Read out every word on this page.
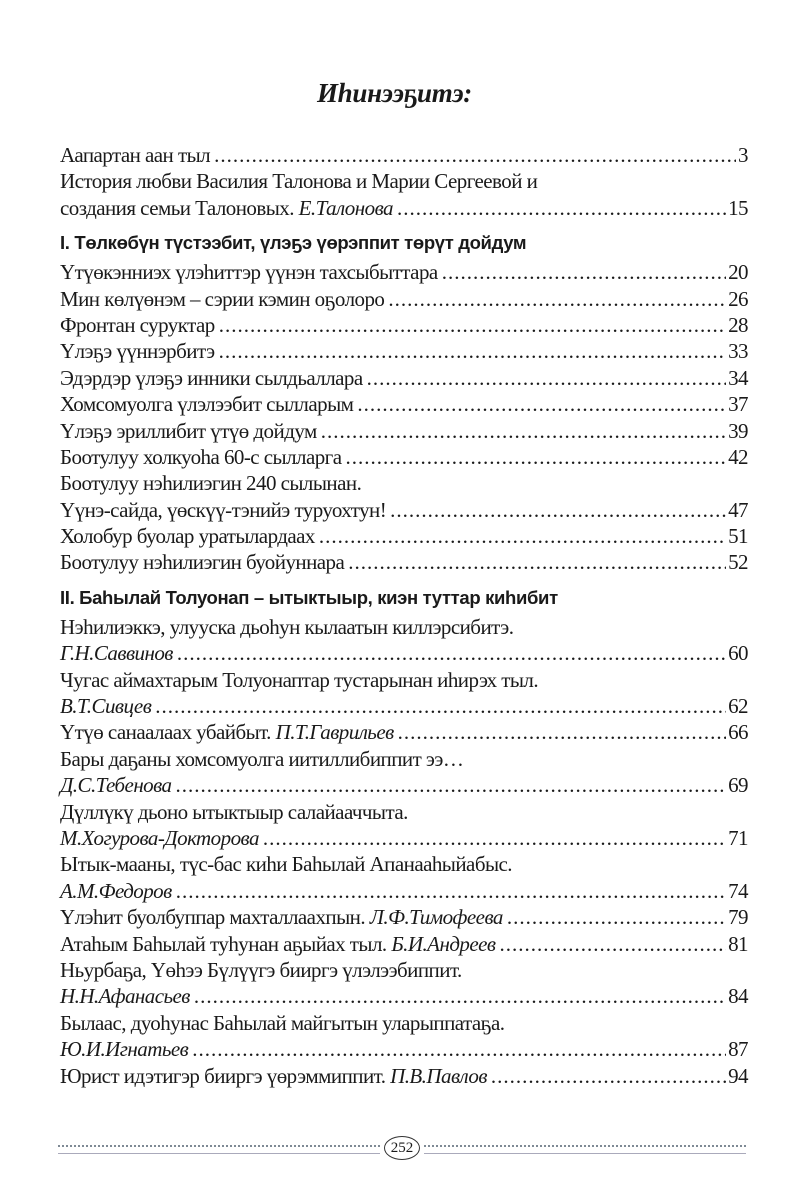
Иһинээҕитэ:
Аапартан аан тыл .....	3
История любви Василия Талонова и Марии Сергеевой и
создания семьи Талоновых. Е.Талонова .....	15
I. Төлкөбүн түстээбит, үлэҕэ үөрэппит төрүт дойдум
Үтүөкэнниэх үлэһиттэр үүнэн тахсыбыттара .....	20
Мин көлүөнэм – сэрии кэмин оҕолоро .....	26
Фронтан суруктар .....	28
Үлэҕэ үүннэрбитэ .....	33
Эдэрдэр үлэҕэ инники сылдьаллара .....	34
Хомсомуолга үлэлээбит сылларым .....	37
Үлэҕэ эриллибит үтүө дойдум .....	39
Боотулуу холкуоһа 60-с сылларга .....	42
Боотулуу нэһилиэгин 240 сылынан.
Үүнэ-сайда, үөскүү-тэнийэ туруохтун! .....	47
Холобур буолар уратылардаах .....	51
Боотулуу нэһилиэгин буойуннара .....	52
II. Баһылай Толуонап – ытыктыыр, киэн туттар киһибит
Нэһилиэккэ, улууска дьоһун кылаатын киллэрсибитэ.
Г.Н.Саввинов .....	60
Чугас аймахтарым Толуонаптар тустарынан иһирэх тыл.
В.Т.Сивцев .....	62
Үтүө санаалаах убайбыт. П.Т.Гаврильев .....	66
Бары даҕаны хомсомуолга иитиллибиппит ээ…
Д.С.Тебенова .....	69
Дүллүкү дьоно ытыктыыр салайааччыта.
М.Хогурова-Докторова .....	71
Ытык-мааны, түс-бас киһи Баһылай Апанааһыйабыс.
А.М.Федоров .....	74
Үлэһит буолбуппар махталлаахпын. Л.Ф.Тимофеева .....	79
Атаһым Баһылай туһунан аҕыйах тыл. Б.И.Андреев .....	81
Ньурбаҕа, Үөһээ Бүлүүгэ бииргэ үлэлээбиппит.
Н.Н.Афанасьев .....	84
Былаас, дуоһунас Баһылай майгытын уларыппатаҕа.
Ю.И.Игнатьев .....	87
Юрист идэтигэр бииргэ үөрэммиппит. П.В.Павлов .....	94
252
